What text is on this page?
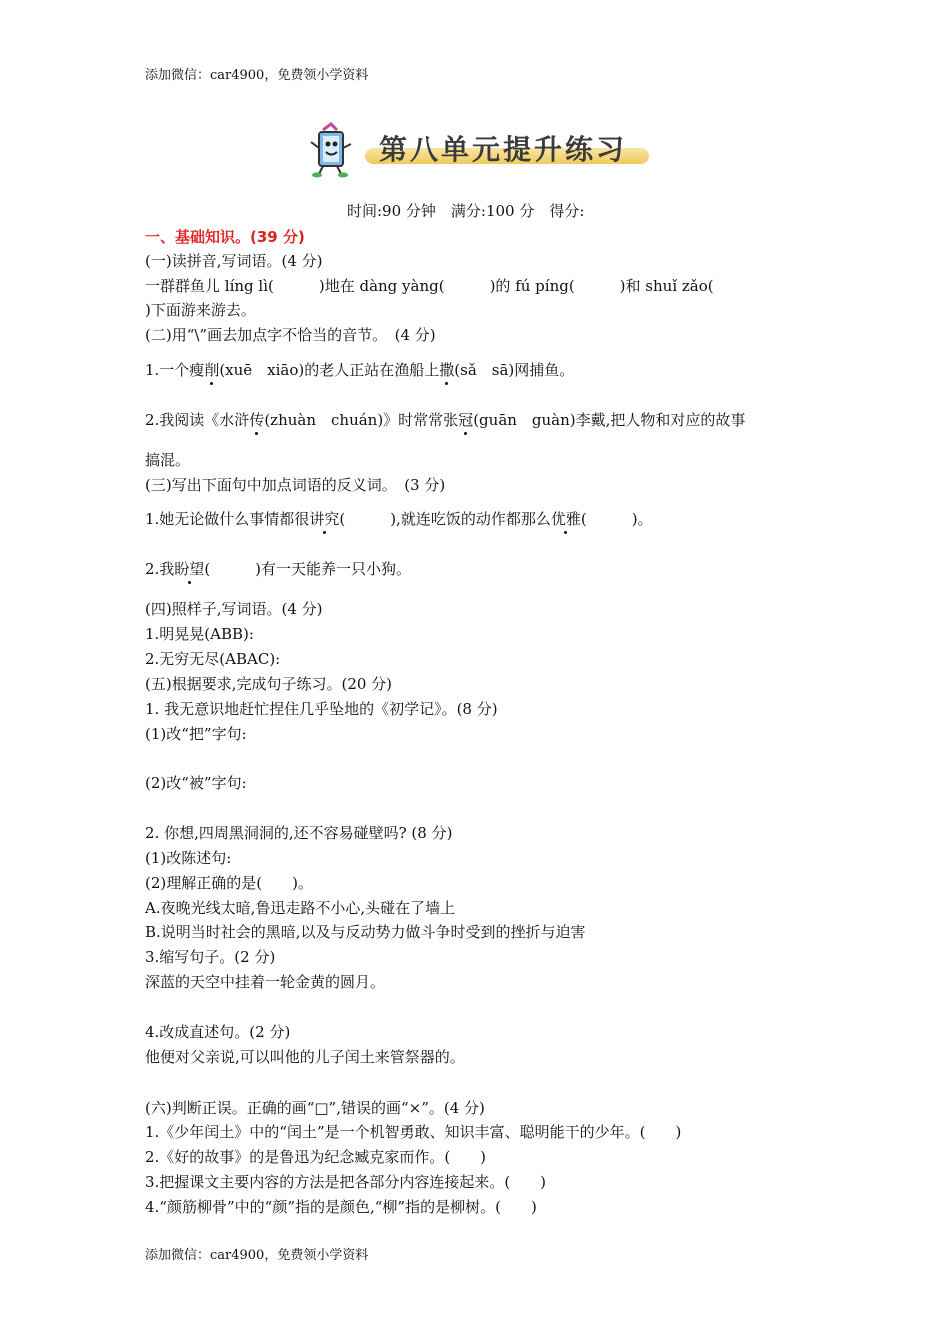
添加微信：car4900，免费领小学资料
第八单元提升练习
时间:90 分钟　满分:100 分　得分:
一、基础知识。(39 分)
(一)读拼音,写词语。(4 分)
一群群鱼儿 líng lì(　　　)地在 dàng yàng(　　　)的 fú píng(　　　)和 shuǐ zǎo(
)下面游来游去。
(二)用“\”画去加点字不恰当的音节。　(4 分)
1.一个瘦削(xuē　xiāo)的老人正站在渔船上撒(sǎ　sā)网捕鱼。
2.我阅读《水浒传(zhuàn　chuán)》时常常张冠(guān　guàn)李戴,把人物和对应的故事
搞混。
(三)写出下面句中加点词语的反义词。　(3 分)
1.她无论做什么事情都很讲究(　　　),就连吃饭的动作都那么优雅(　　　)。
2.我盼望(　　　)有一天能养一只小狗。
(四)照样子,写词语。(4 分)
1.明晃晃(ABB):
2.无穷无尽(ABAC):
(五)根据要求,完成句子练习。(20 分)
1. 我无意识地赶忙捏住几乎坠地的《初学记》。(8 分)
(1)改“把”字句:
(2)改“被”字句:
2. 你想,四周黑洞洞的,还不容易碰壁吗? (8 分)
(1)改陈述句:
(2)理解正确的是(　　)。
A.夜晚光线太暗,鲁迅走路不小心,头碰在了墙上
B.说明当时社会的黑暗,以及与反动势力做斗争时受到的挫折与迫害
3.缩写句子。(2 分)
深蓝的天空中挂着一轮金黄的圆月。
4.改成直述句。(2 分)
他便对父亲说,可以叫他的儿子闰土来管祭器的。
(六)判断正误。正确的画“□”,错误的画“×”。(4 分)
1.《少年闰土》中的“闰土”是一个机智勇敢、知识丰富、聪明能干的少年。(　　)
2.《好的故事》的是鲁迅为纪念臧克家而作。(　　)
3.把握课文主要内容的方法是把各部分内容连接起来。(　　)
4.“颜筋柳骨”中的“颜”指的是颜色,“柳”指的是柳树。(　　)
添加微信：car4900，免费领小学资料
